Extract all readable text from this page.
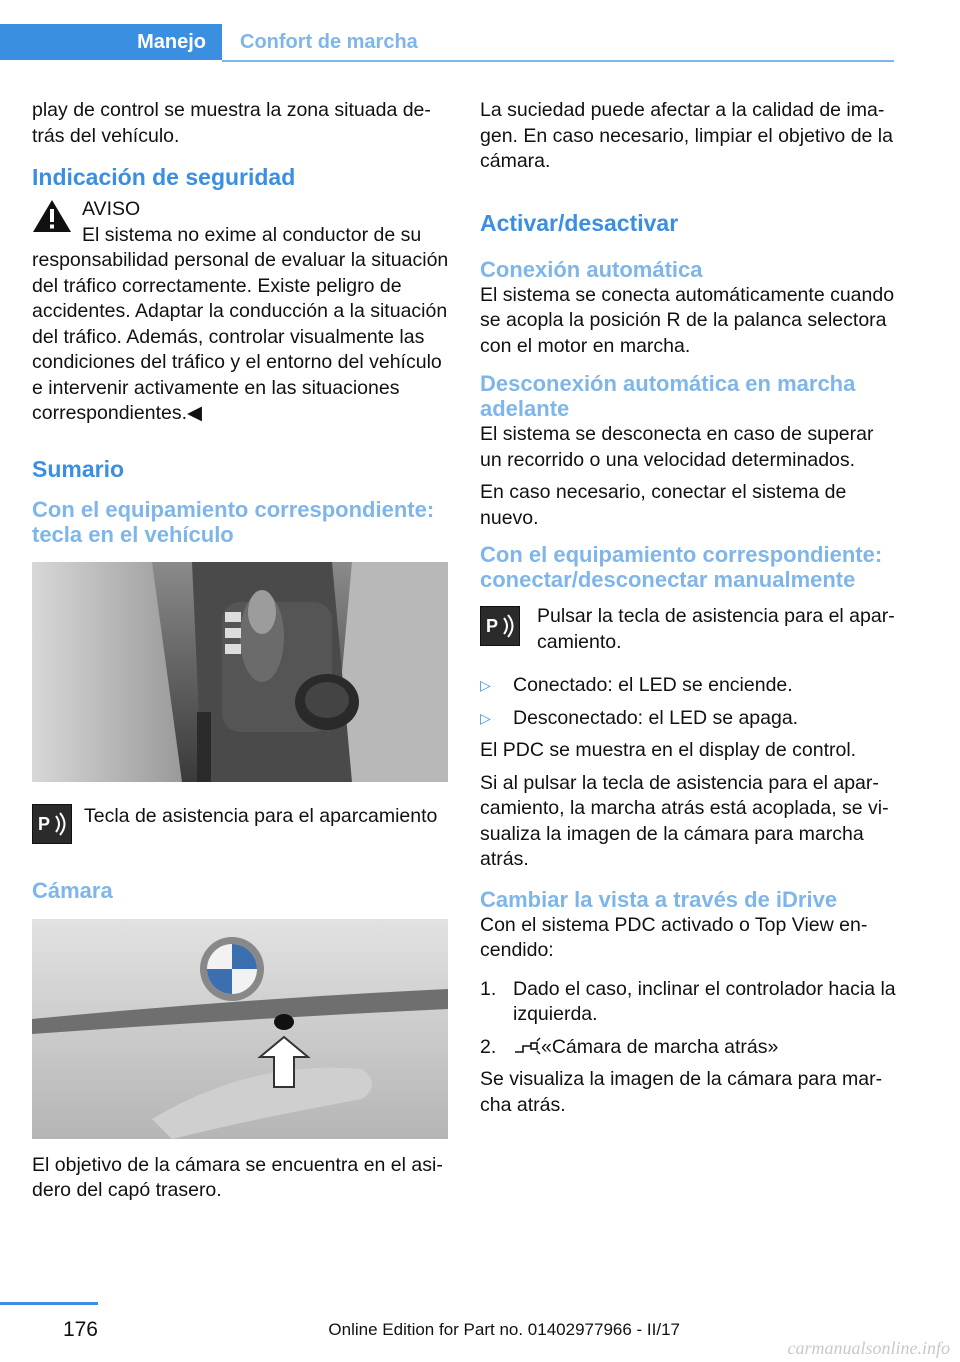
Manejo	Confort de marcha

play de control se muestra la zona situada detrás del vehículo.

Indicación de seguridad
AVISO

El sistema no exime al conductor de su

responsabilidad personal de evaluar la situación del tráfico correctamente. Existe peligro de accidentes. Adaptar la conducción a la situación del tráfico. Además, controlar visualmente las condiciones del tráfico y el entorno del vehículo e intervenir activamente en las situaciones correspondientes.◀

Sumario
Con el equipamiento correspondiente: tecla en el vehículo
P Tecla de asistencia para el aparcamiento

Cámara

El objetivo de la cámara se encuentra en el asidero del capó trasero.

La suciedad puede afectar a la calidad de imagen. En caso necesario, limpiar el objetivo de la cámara.

Activar/desactivar
Conexión automática

El sistema se conecta automáticamente cuando se acopla la posición R de la palanca selectora con el motor en marcha.

Desconexión automática en marcha adelante

El sistema se desconecta en caso de superar un recorrido o una velocidad determinados.

En caso necesario, conectar el sistema de nuevo.

Con el equipamiento correspondiente: conectar/desconectar manualmente
P Pulsar la tecla de asistencia para el aparcamiento.

▷	Conectado: el LED se enciende.

▷	Desconectado: el LED se apaga.

El PDC se muestra en el display de control.

Si al pulsar la tecla de asistencia para el aparcamiento, la marcha atrás está acoplada, se visualiza la imagen de la cámara para marcha atrás.

Cambiar la vista a través de iDrive

Con el sistema PDC activado o Top View encendido:

1. Dado el caso, inclinar el controlador hacia la izquierda.

2.	«Cámara de marcha atrás»

Se visualiza la imagen de la cámara para marcha atrás.

176	Online Edition for Part no. 01402977966 - II/17
carmanualsonline.info
